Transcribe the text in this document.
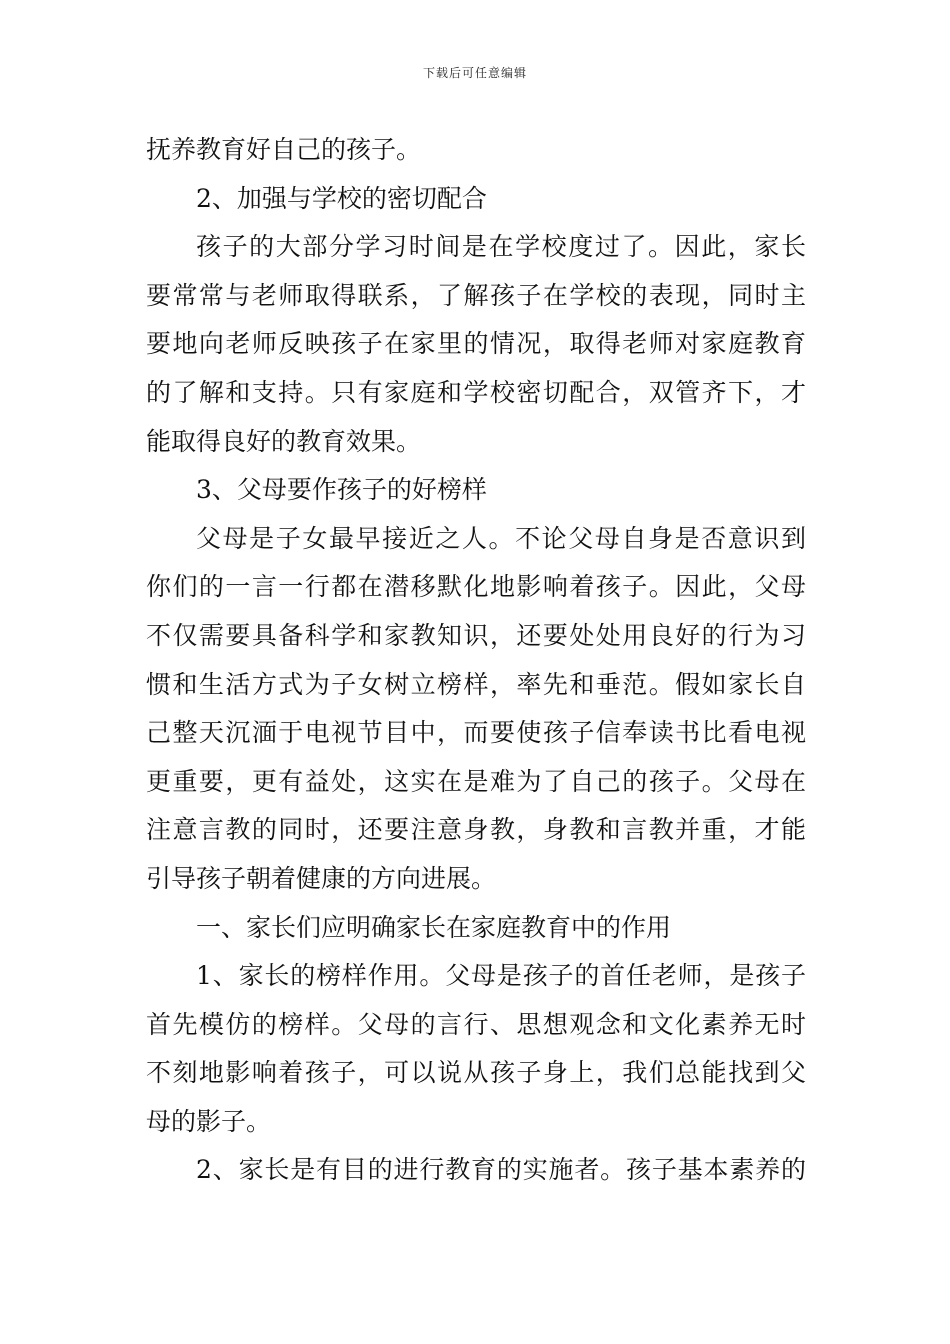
下载后可任意编辑
抚养教育好自己的孩子。
2、加强与学校的密切配合
孩子的大部分学习时间是在学校度过了。因此，家长
要常常与老师取得联系，了解孩子在学校的表现，同时主
要地向老师反映孩子在家里的情况，取得老师对家庭教育
的了解和支持。只有家庭和学校密切配合，双管齐下，才
能取得良好的教育效果。
3、父母要作孩子的好榜样
父母是子女最早接近之人。不论父母自身是否意识到
你们的一言一行都在潜移默化地影响着孩子。因此，父母
不仅需要具备科学和家教知识，还要处处用良好的行为习
惯和生活方式为子女树立榜样，率先和垂范。假如家长自
己整天沉湎于电视节目中，而要使孩子信奉读书比看电视
更重要，更有益处，这实在是难为了自己的孩子。父母在
注意言教的同时，还要注意身教，身教和言教并重，才能
引导孩子朝着健康的方向进展。
一、家长们应明确家长在家庭教育中的作用
1、家长的榜样作用。父母是孩子的首任老师，是孩子
首先模仿的榜样。父母的言行、思想观念和文化素养无时
不刻地影响着孩子，可以说从孩子身上，我们总能找到父
母的影子。
2、家长是有目的进行教育的实施者。孩子基本素养的
